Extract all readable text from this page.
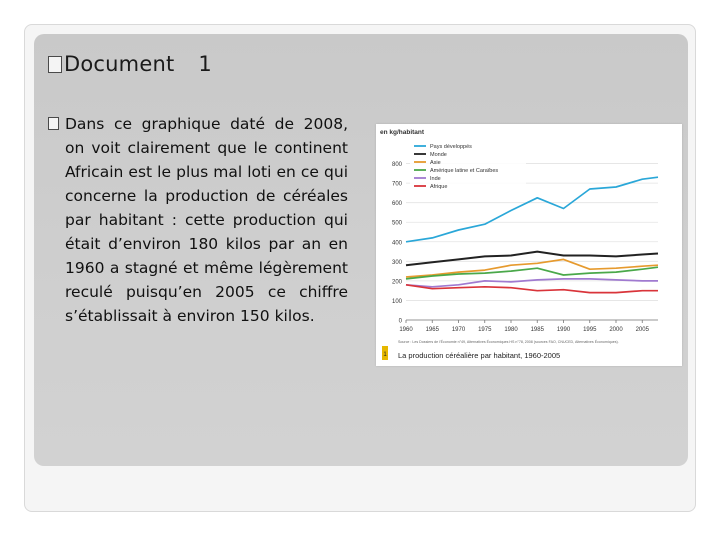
Document 1
Dans ce graphique daté de 2008, on voit clairement que le continent Africain est le plus mal loti en ce qui concerne la production de céréales par habitant : cette production qui était d’environ 180 kilos par an en 1960 a stagné et même légèrement reculé puisqu’en 2005 ce chiffre s’établissait à environ 150 kilos.
en kg/habitant
0
100
200
300
400
500
600
700
800
1960 1965 1970 1975 1980 1985 1990 1995 2000 2005
Pays développés
Monde
Asie
Amérique latine et Caraïbes
Inde
Afrique
Source : Les Dossiers de l'Économie n°49, Alternatives Économiques HS n°78, 2008 (sources FAO, CNUCED, Alternatives Économiques).
1 La production céréalière par habitant, 1960-2005
